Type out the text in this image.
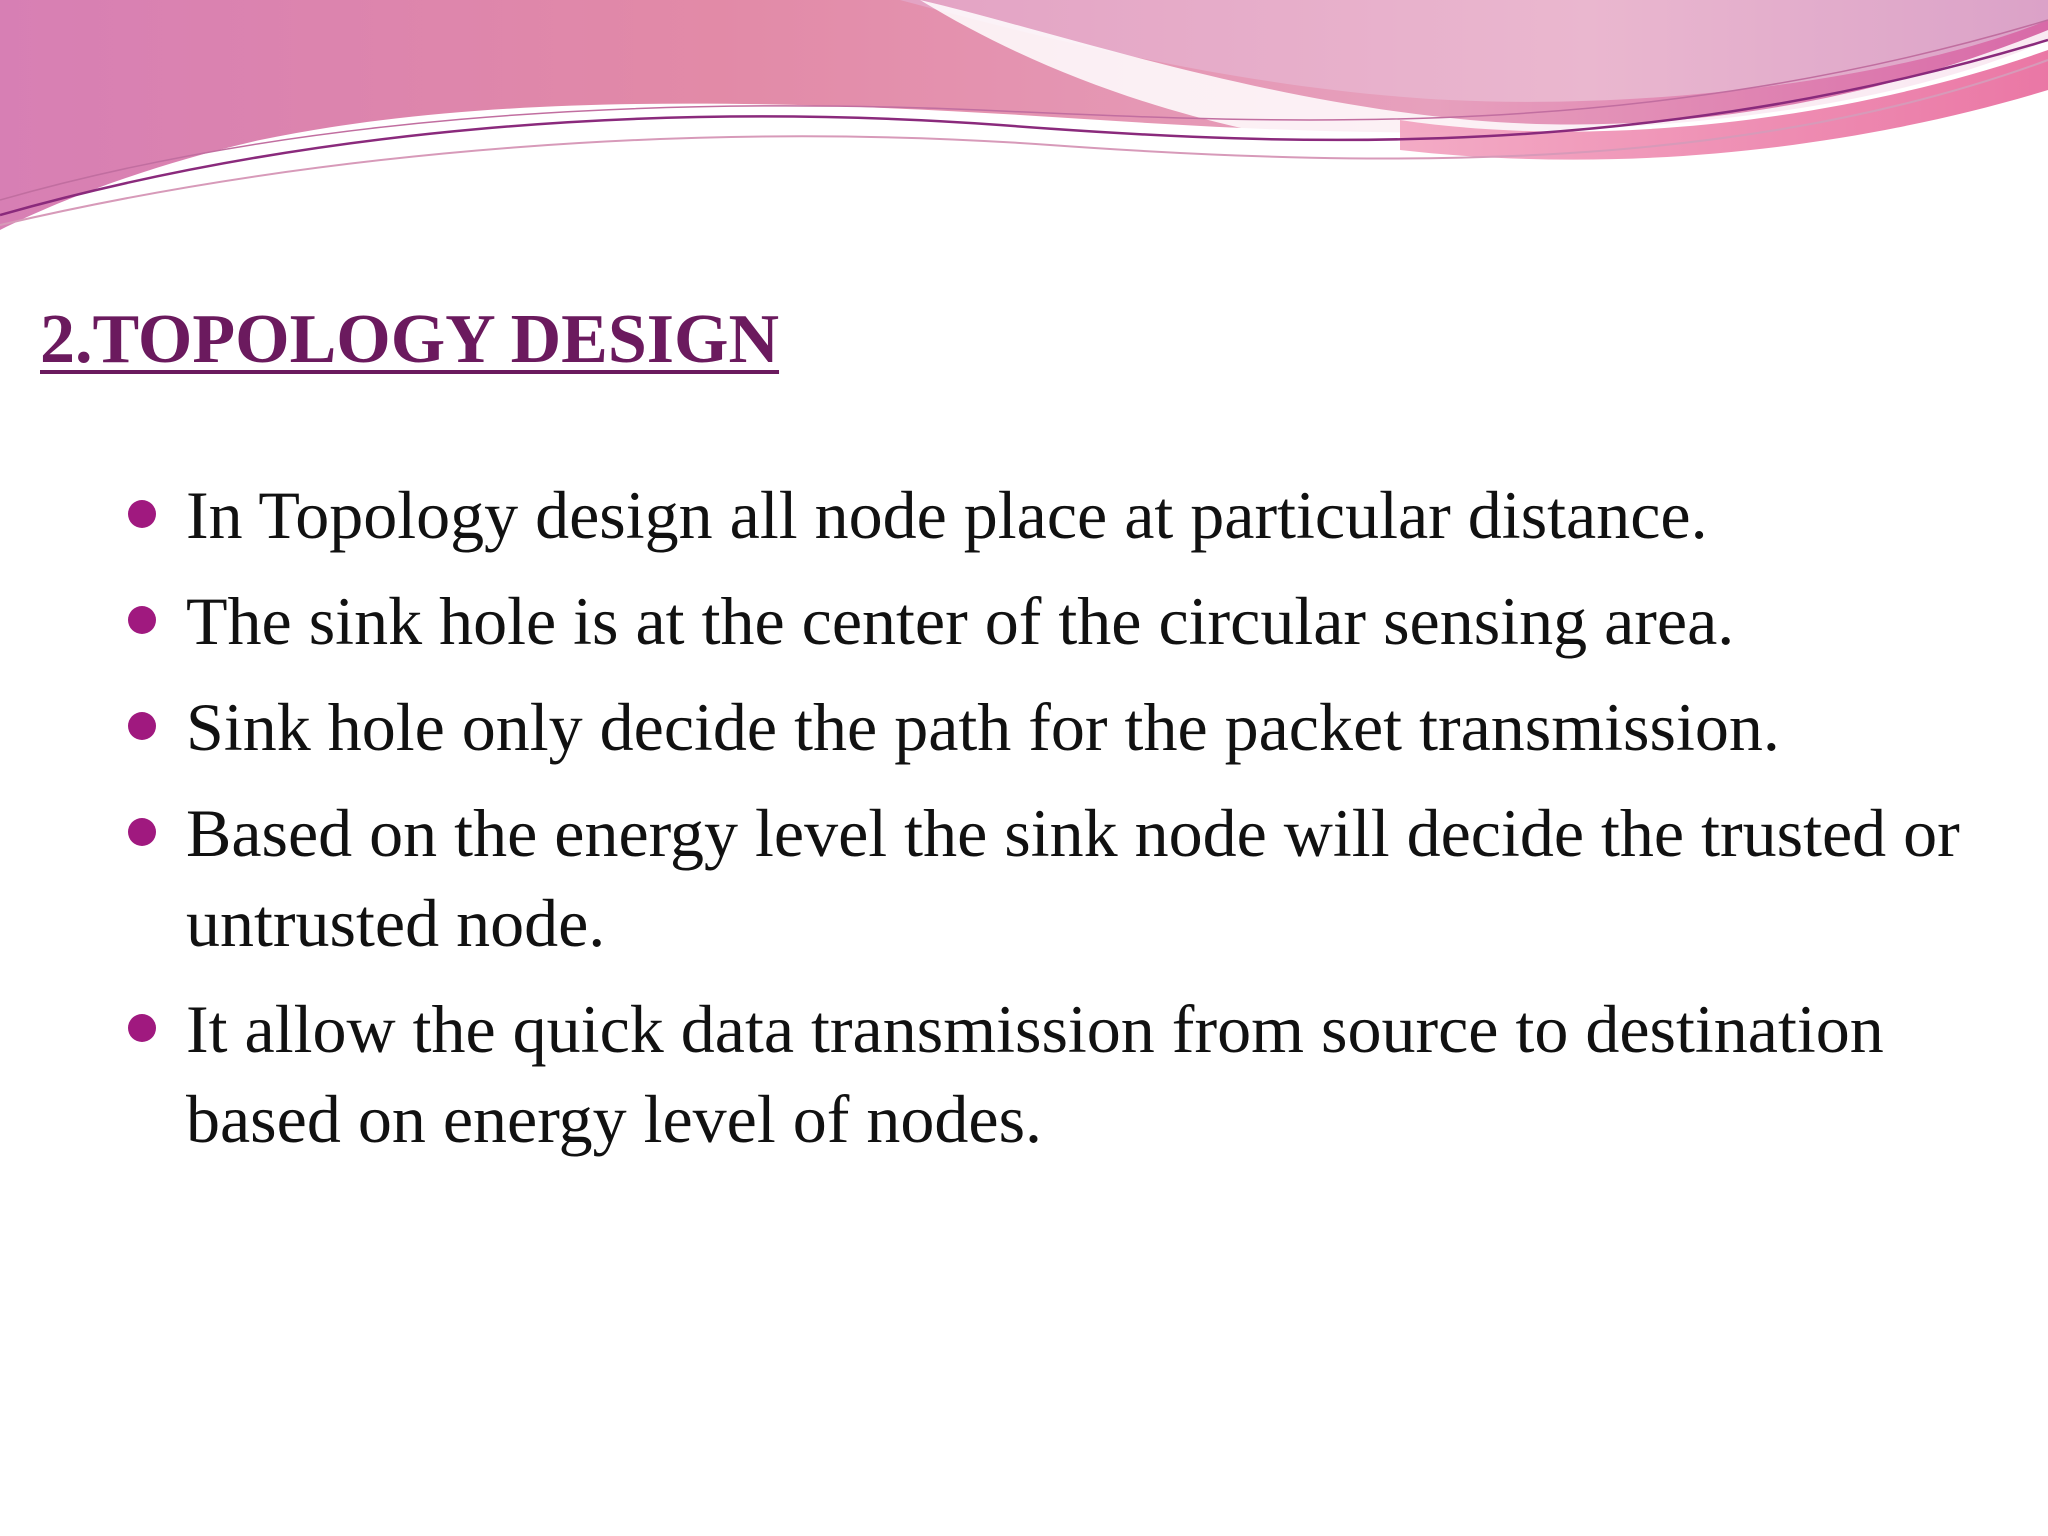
2.TOPOLOGY DESIGN
In Topology design all node place at particular distance.
The sink hole is at the center of the circular sensing area.
Sink hole only decide the path for the packet transmission.
Based on the energy level the sink node will decide the trusted or untrusted node.
It allow the quick data transmission from source to destination based on energy level of nodes.
